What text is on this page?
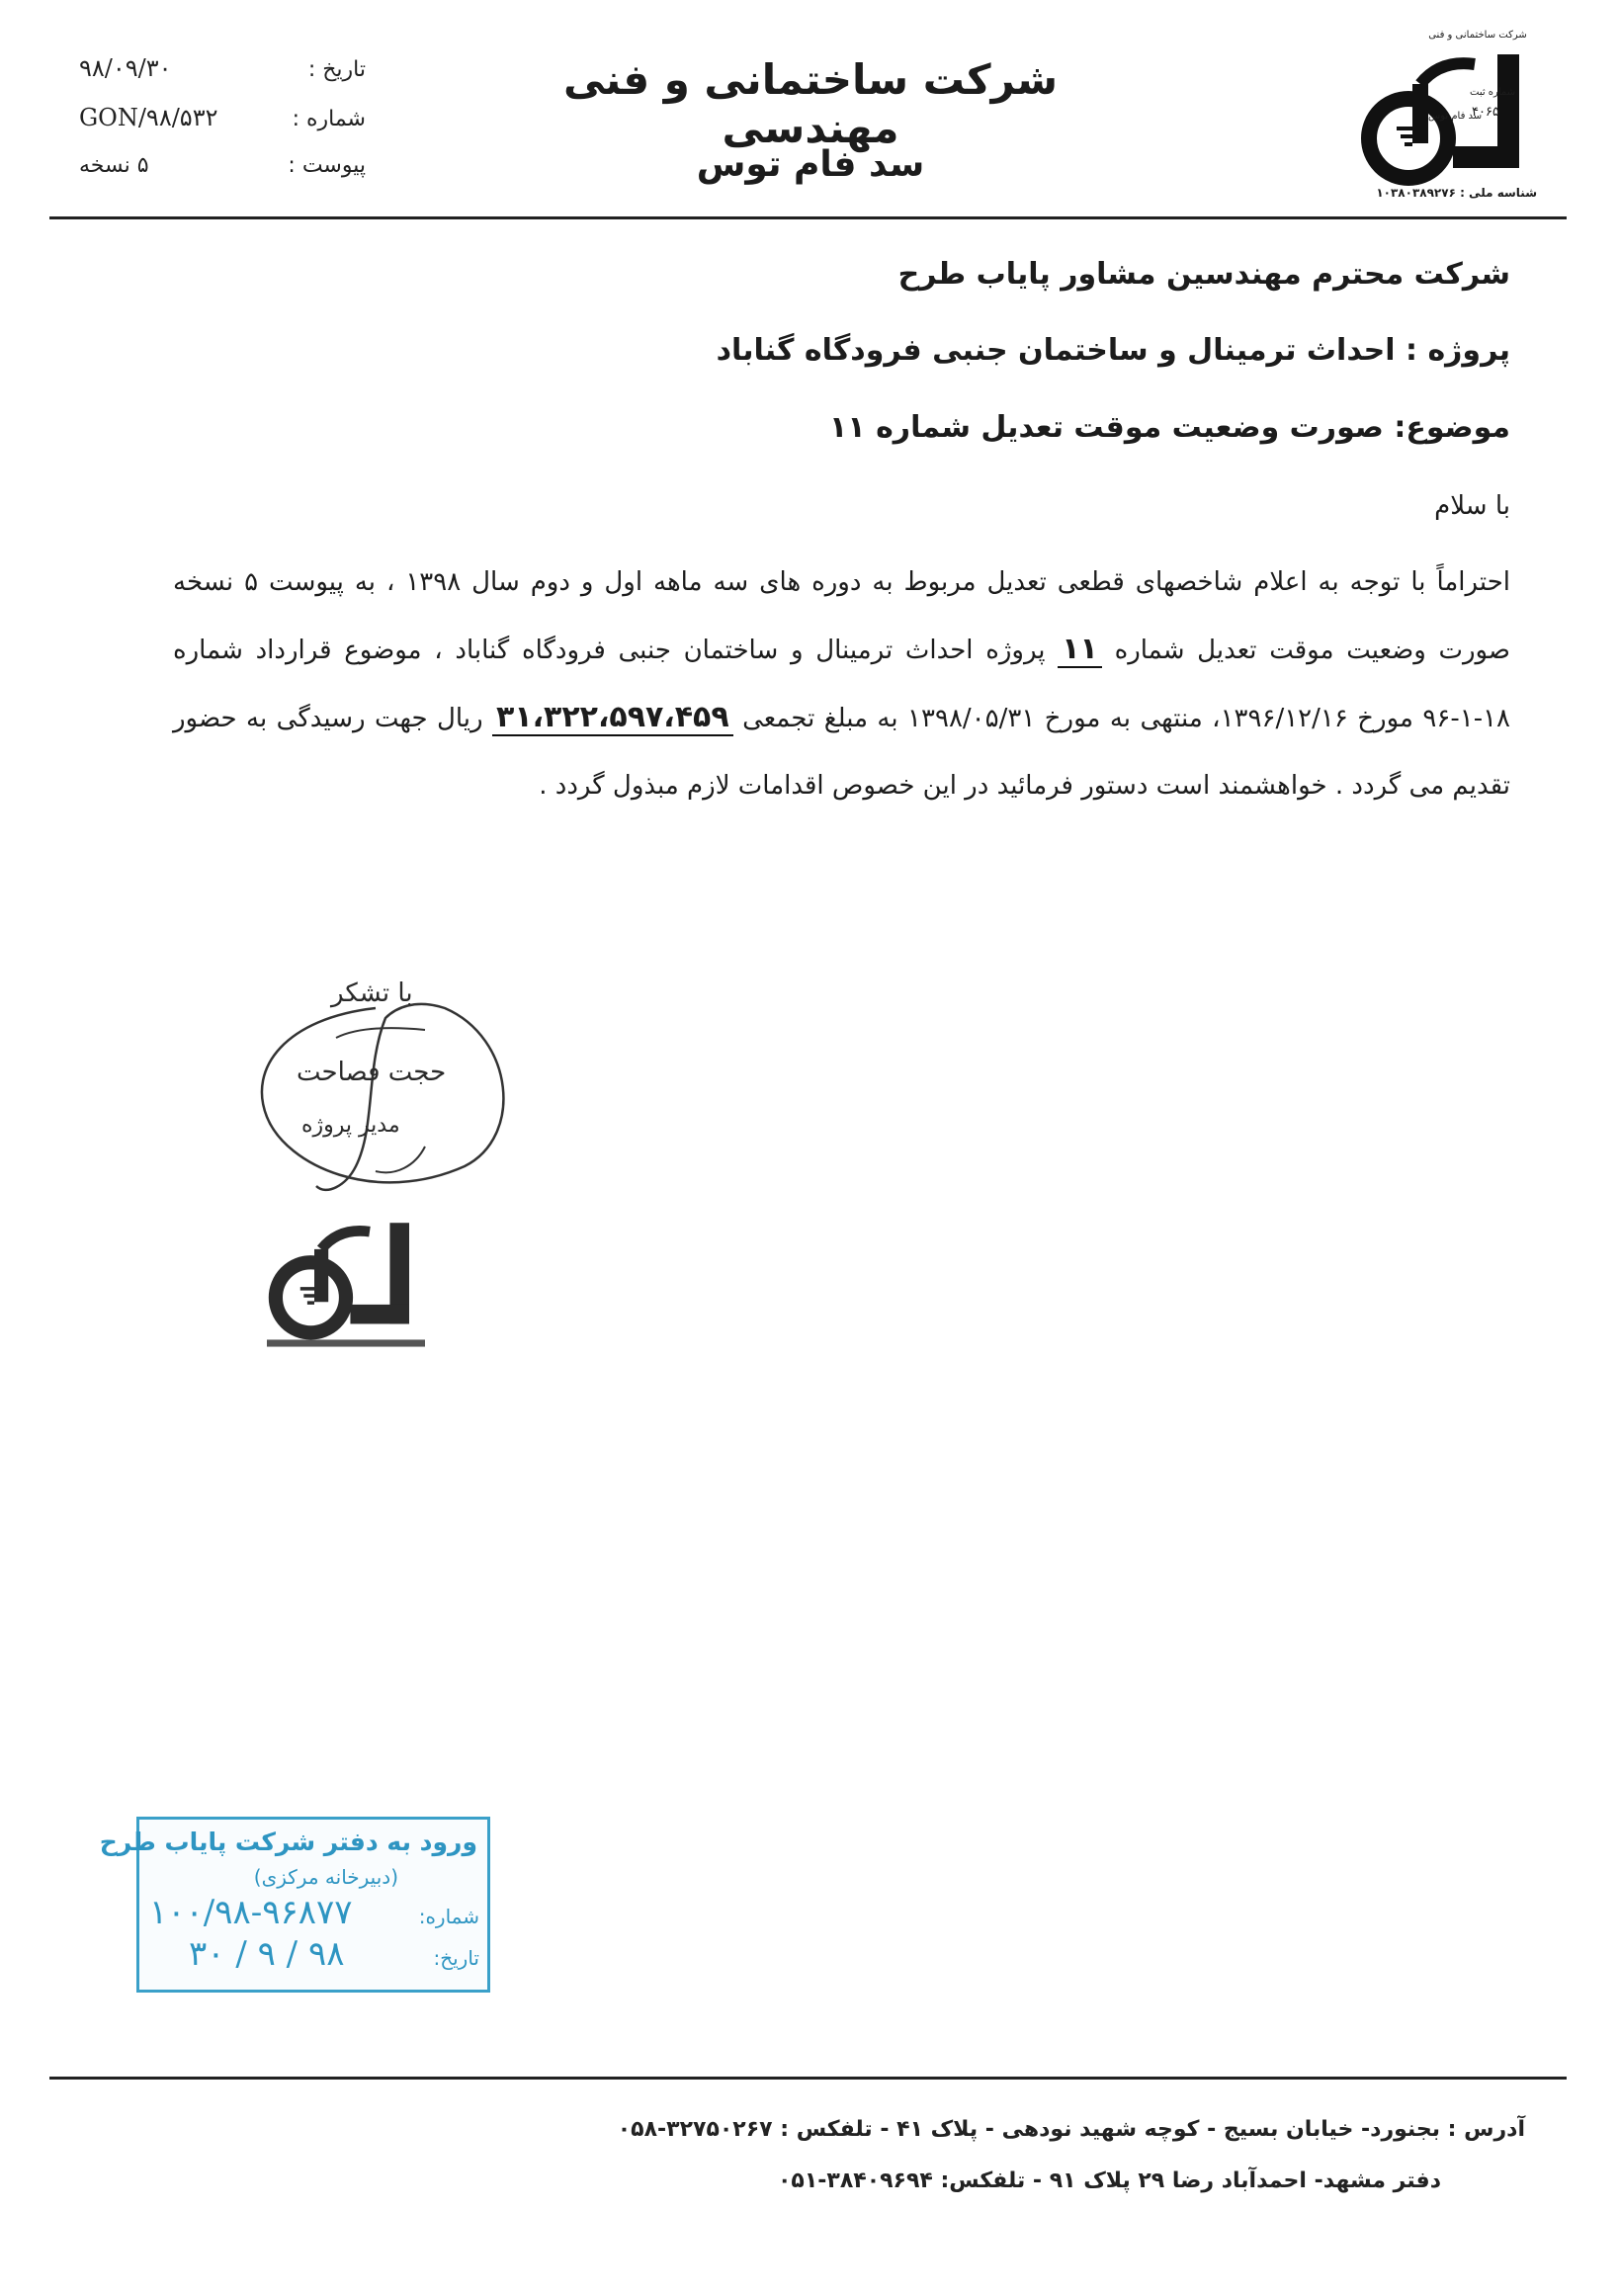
تاریخ :
۹۸/۰۹/۳۰
شماره :
GON/۹۸/۵۳۲
پیوست :
۵ نسخه
شرکت ساختمانی و فنی مهندسی
سد فام توس
شرکت ساختمانی و فنی
سد فام توس
شماره ثبت
۴۰۶۵
شناسه ملی : ۱۰۳۸۰۳۸۹۲۷۶
شرکت محترم مهندسین مشاور پایاب طرح
پروژه : احداث ترمینال و ساختمان جنبی فرودگاه گناباد
موضوع: صورت وضعیت موقت تعدیل شماره ۱۱
با سلام
احتراماً با توجه به اعلام شاخصهای قطعی تعدیل مربوط به دوره های سه ماهه اول و دوم سال ۱۳۹۸ ، به پیوست ۵ نسخه صورت وضعیت موقت تعدیل شماره ۱۱ پروژه احداث ترمینال و ساختمان جنبی فرودگاه گناباد ، موضوع قرارداد شماره ۱۸-۱-۹۶ مورخ ۱۳۹۶/۱۲/۱۶، منتهی به مورخ ۱۳۹۸/۰۵/۳۱ به مبلغ تجمعی ۳۱،۳۲۲،۵۹۷،۴۵۹ ریال جهت رسیدگی به حضور تقدیم می گردد . خواهشمند است دستور فرمائید در این خصوص اقدامات لازم مبذول گردد .
با تشکر
حجت فصاحت
مدیر پروژه
ورود به دفتر شرکت پایاب طرح
(دبیرخانه مرکزی)
شماره:
۱۰۰/۹۸-۹۶۸۷۷
تاریخ:
۹۸ / ۹ / ۳۰
آدرس : بجنورد- خیابان بسیج - کوچه شهید نودهی - پلاک ۴۱ - تلفکس : ۳۲۷۵۰۲۶۷-۰۵۸
دفتر مشهد- احمدآباد رضا ۲۹ پلاک ۹۱ - تلفکس: ۳۸۴۰۹۶۹۴-۰۵۱
